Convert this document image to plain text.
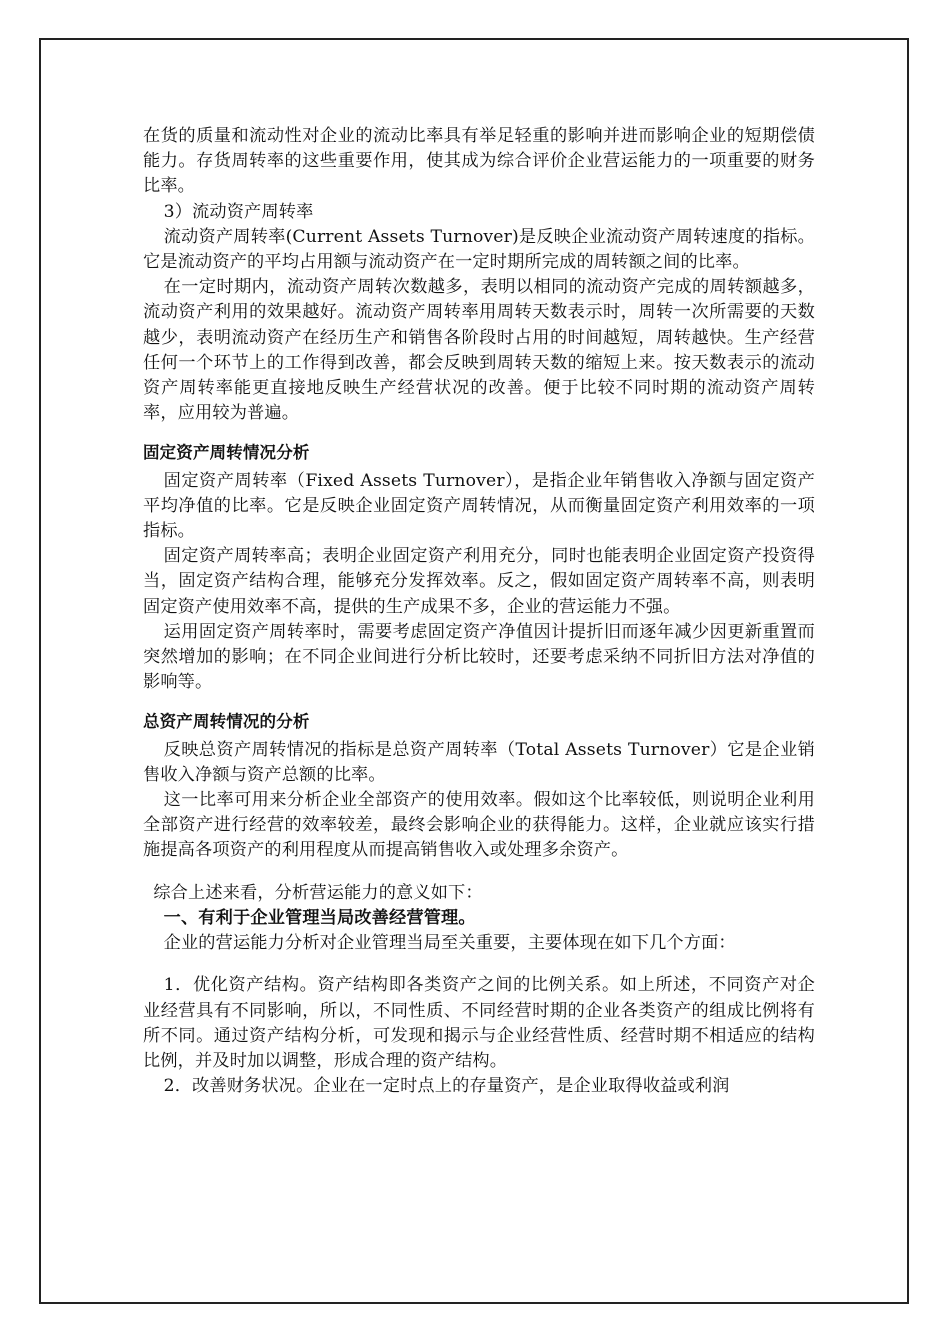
在货的质量和流动性对企业的流动比率具有举足轻重的影响并进而影响企业的短期偿债能力。存货周转率的这些重要作用，使其成为综合评价企业营运能力的一项重要的财务比率。

3）流动资产周转率

流动资产周转率(Current Assets Turnover)是反映企业流动资产周转速度的指标。它是流动资产的平均占用额与流动资产在一定时期所完成的周转额之间的比率。

在一定时期内，流动资产周转次数越多，表明以相同的流动资产完成的周转额越多，流动资产利用的效果越好。流动资产周转率用周转天数表示时，周转一次所需要的天数越少，表明流动资产在经历生产和销售各阶段时占用的时间越短，周转越快。生产经营任何一个环节上的工作得到改善，都会反映到周转天数的缩短上来。按天数表示的流动资产周转率能更直接地反映生产经营状况的改善。便于比较不同时期的流动资产周转率，应用较为普遍。

固定资产周转情况分析

固定资产周转率（Fixed Assets Turnover），是指企业年销售收入净额与固定资产平均净值的比率。它是反映企业固定资产周转情况，从而衡量固定资产利用效率的一项指标。

固定资产周转率高；表明企业固定资产利用充分，同时也能表明企业固定资产投资得当，固定资产结构合理，能够充分发挥效率。反之，假如固定资产周转率不高，则表明固定资产使用效率不高，提供的生产成果不多，企业的营运能力不强。

运用固定资产周转率时，需要考虑固定资产净值因计提折旧而逐年减少因更新重置而突然增加的影响；在不同企业间进行分析比较时，还要考虑采纳不同折旧方法对净值的影响等。

总资产周转情况的分析

反映总资产周转情况的指标是总资产周转率（Total Assets Turnover）它是企业销售收入净额与资产总额的比率。

这一比率可用来分析企业全部资产的使用效率。假如这个比率较低，则说明企业利用全部资产进行经营的效率较差，最终会影响企业的获得能力。这样，企业就应该实行措施提高各项资产的利用程度从而提高销售收入或处理多余资产。

综合上述来看，分析营运能力的意义如下：

一、有利于企业管理当局改善经营管理。

企业的营运能力分析对企业管理当局至关重要，主要体现在如下几个方面：

1．优化资产结构。资产结构即各类资产之间的比例关系。如上所述，不同资产对企业经营具有不同影响，所以，不同性质、不同经营时期的企业各类资产的组成比例将有所不同。通过资产结构分析，可发现和揭示与企业经营性质、经营时期不相适应的结构比例，并及时加以调整，形成合理的资产结构。

2．改善财务状况。企业在一定时点上的存量资产，是企业取得收益或利润
